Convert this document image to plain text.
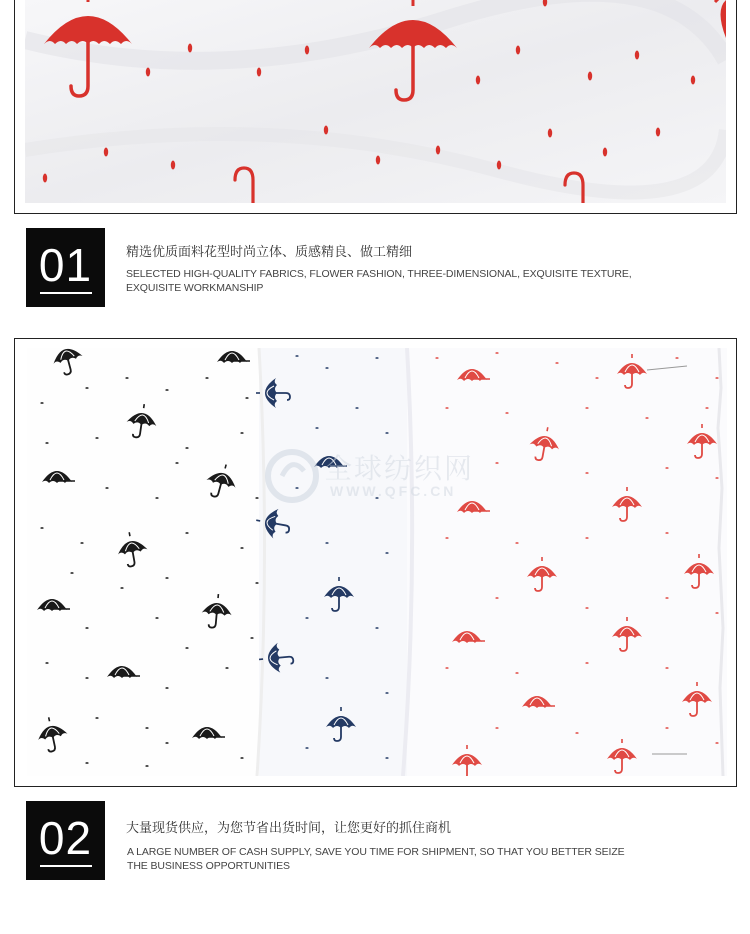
01	精选优质面料花型时尚立体、质感精良、做工精细
SELECTED HIGH-QUALITY FABRICS, FLOWER FASHION, THREE-DIMENSIONAL, EXQUISITE TEXTURE, EXQUISITE WORKMANSHIP
全球纺织网
WWW.QFC.CN
02	大量现货供应，为您节省出货时间，让您更好的抓住商机
A LARGE NUMBER OF CASH SUPPLY, SAVE YOU TIME FOR SHIPMENT, SO THAT YOU BETTER SEIZE THE BUSINESS OPPORTUNITIES
